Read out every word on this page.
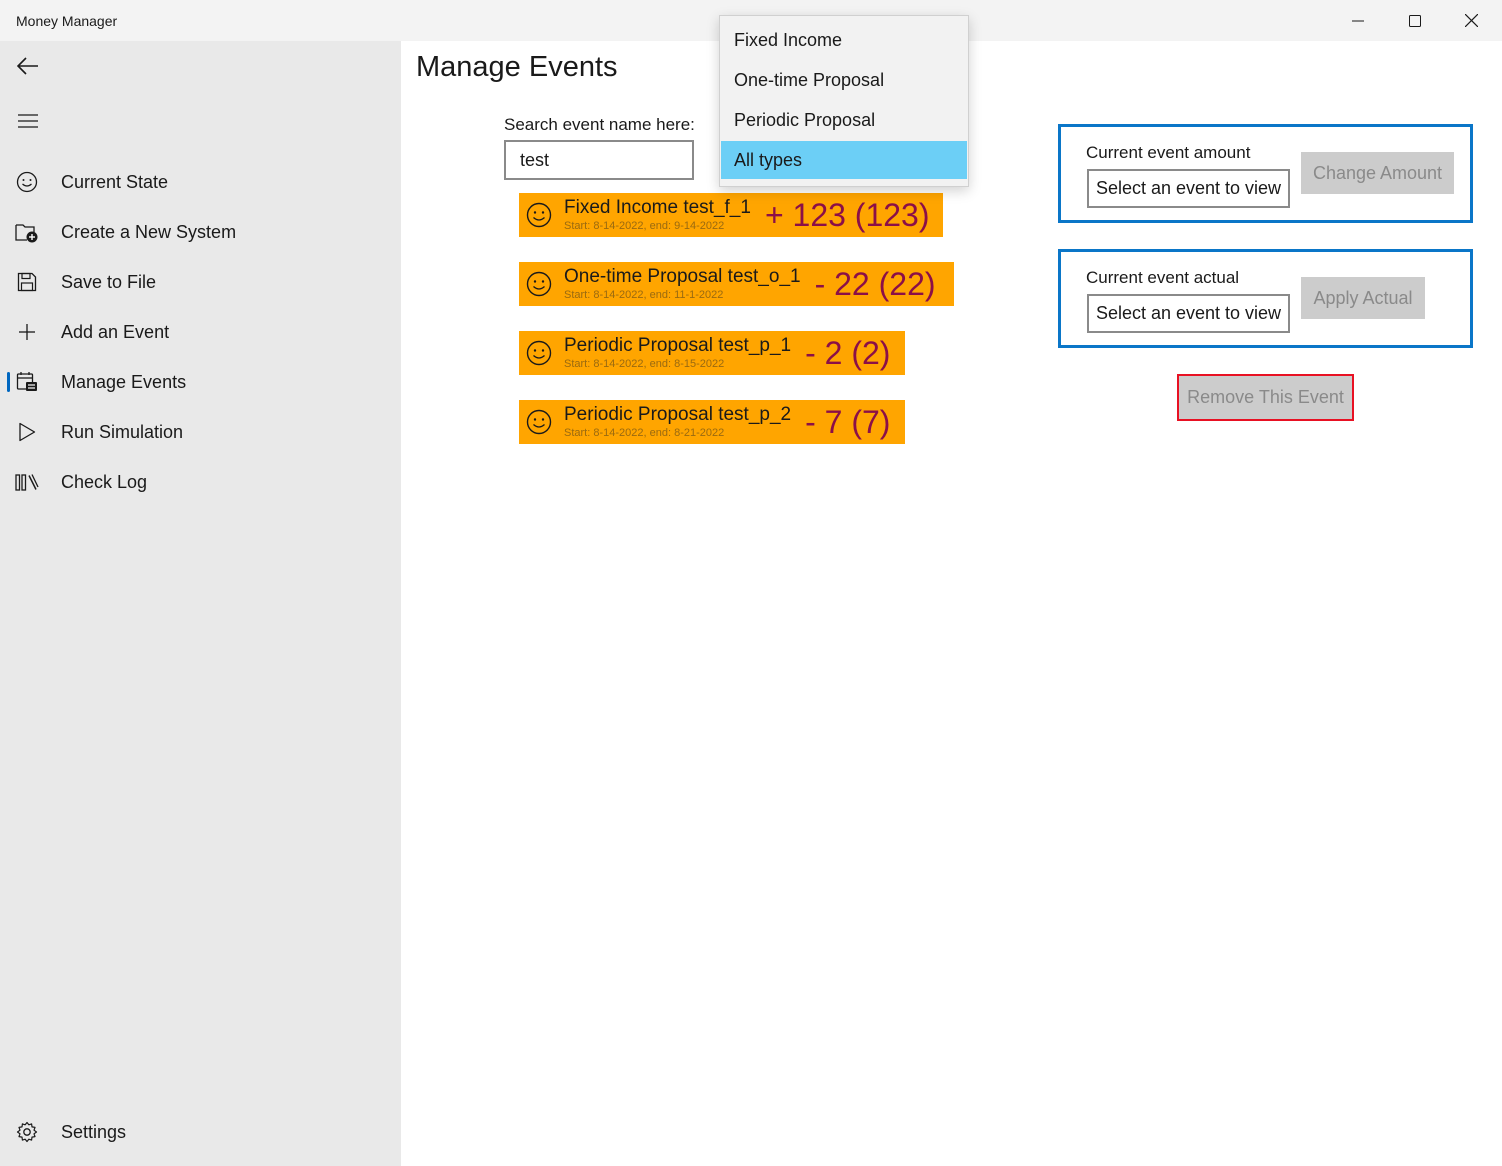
Money Manager
Current State
Create a New System
Save to File
Add an Event
Manage Events
Run Simulation
Check Log
Settings
Manage Events
Search event name here:
test
Fixed Income test_f_1
Start: 8-14-2022, end: 9-14-2022	+ 123 (123)
One-time Proposal test_o_1
Start: 8-14-2022, end: 11-1-2022	- 22 (22)
Periodic Proposal test_p_1
Start: 8-14-2022, end: 8-15-2022	- 2 (2)
Periodic Proposal test_p_2
Start: 8-14-2022, end: 8-21-2022	- 7 (7)
Current event amount
Select an event to view
Change Amount
Current event actual
Select an event to view
Apply Actual
Remove This Event
Fixed Income
One-time Proposal
Periodic Proposal
All types
